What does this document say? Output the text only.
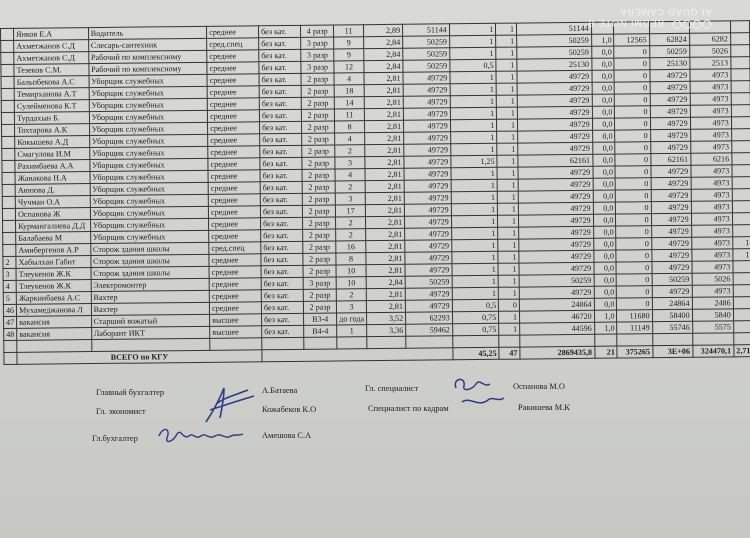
	Янков Е.А	Водитель	среднее	без кат.	4 разр	11	2,89	51144	1	1	51144					
	Ахметжанов С.Д	Слесарь-сантехник	сред.спец	без кат.	3 разр	9	2,84	50259	1	1	50259	1,0	12565	62824	6282	
	Ахметжанов С.Д	Рабочий по комплексному	среднее	без кат.	3 разр	9	2,84	50259	1	1	50259	0,0	0	50259	5026	
	Тезеков С.М.	Рабочий по комплексному	среднее	без кат.	3 разр	12	2,84	50259	0,5	1	25130	0,0	0	25130	2513	
	Бальпбекова А.С	Уборщик служебных	среднее	без кат.	2 разр	4	2,81	49729	1	1	49729	0,0	0	49729	4973	
	Темирханова А.Т	Уборщик служебных	среднее	без кат.	2 разр	18	2,81	49729	1	1	49729	0,0	0	49729	4973	
	Сулейменова К.Т	Уборщик служебных	среднее	без кат.	2 разр	14	2,81	49729	1	1	49729	0,0	0	49729	4973	
	Турдахын Б.	Уборщик служебных	среднее	без кат.	2 разр	11	2,81	49729	1	1	49729	0,0	0	49729	4973	
	Тохтарова А.К	Уборщик служебных	среднее	без кат.	2 разр	8	2,81	49729	1	1	49729	0,0	0	49729	4973	
	Кокышева А.Д	Уборщик служебных	среднее	без кат.	2 разр	4	2,81	49729	1	1	49729	0,0	0	49729	4973	
	Смагулова И.М	Уборщик служебных	среднее	без кат.	2 разр	2	2,81	49729	1	1	49729	0,0	0	49729	4973	
	Рахимбаева А.А	Уборщик служебных	среднее	без кат.	2 разр	3	2,81	49729	1,25	1	62161	0,0	0	62161	6216	
	Жанакова Н.А	Уборщик служебных	среднее	без кат.	2 разр	4	2,81	49729	1	1	49729	0,0	0	49729	4973	
	Аюпова Д.	Уборщик служебных	среднее	без кат.	2 разр	2	2,81	49729	1	1	49729	0,0	0	49729	4973	
	Чучман О.А	Уборщик служебных	среднее	без кат.	2 разр	3	2,81	49729	1	1	49729	0,0	0	49729	4973	
	Оспанова Ж	Уборщик служебных	среднее	без кат.	2 разр	17	2,81	49729	1	1	49729	0,0	0	49729	4973	
	Курмангалиева Д.Д	Уборщик служебных	среднее	без кат.	2 разр	2	2,81	49729	1	1	49729	0,0	0	49729	4973	
	Балабаева М	Уборщик служебных	среднее	без кат.	2 разр	2	2,81	49729	1	1	49729	0,0	0	49729	4973	
	Амибергенов А.Р	Сторож здания школы	сред.спец	без кат.	2 разр	16	2,81	49729	1	1	49729	0,0	0	49729	4973	1
2	Хабылхан Габит	Сторож здания школы	среднее	без кат.	2 разр	8	2,81	49729	1	1	49729	0,0	0	49729	4973	1
3	Тлеукенов Ж.К	Сторож здания школы	среднее	без кат.	2 разр	10	2,81	49729	1	1	49729	0,0	0	49729	4973	
4	Тлеукенов Ж.К	Электромонтер	среднее	без кат.	3 разр	10	2,84	50259	1	1	50259	0,0	0	50259	5026	
5	Жаркинбаева А.С	Вахтер	среднее	без кат.	2 разр	2	2,81	49729	1	1	49729	0,0	0	49729	4973	
46	Мухамеджанова Л	Вахтер	среднее	без кат.	2 разр	3	2,81	49729	0,5	0	24864	0,0	0	24864	2486	
47	вакансия	Старший вожатый	высшее	без кат.	В3-4	до года	3,52	62293	0,75	1	46720	1,0	11680	58400	5840	
48	вакансия	Лаборант ИКТ	высшее	без кат.	В4-4	1	3,36	59462	0,75	1	44596	1,0	11149	55746	5575	

	ВСЕГО по КГУ								45,25	47	2869435,8	21	375265	3E+06	324470,1	2,71
Главный бухгалтер	А.Батаева	Гл. специалист	Оспанова М.О
Гл. экономист	Кожабеков К.О	Специалист по кадрам	Ракишева М.К
Гл.бухгалтер	Амешова С.А
REDMI NOTE 8
AI QUAD CAMERA
